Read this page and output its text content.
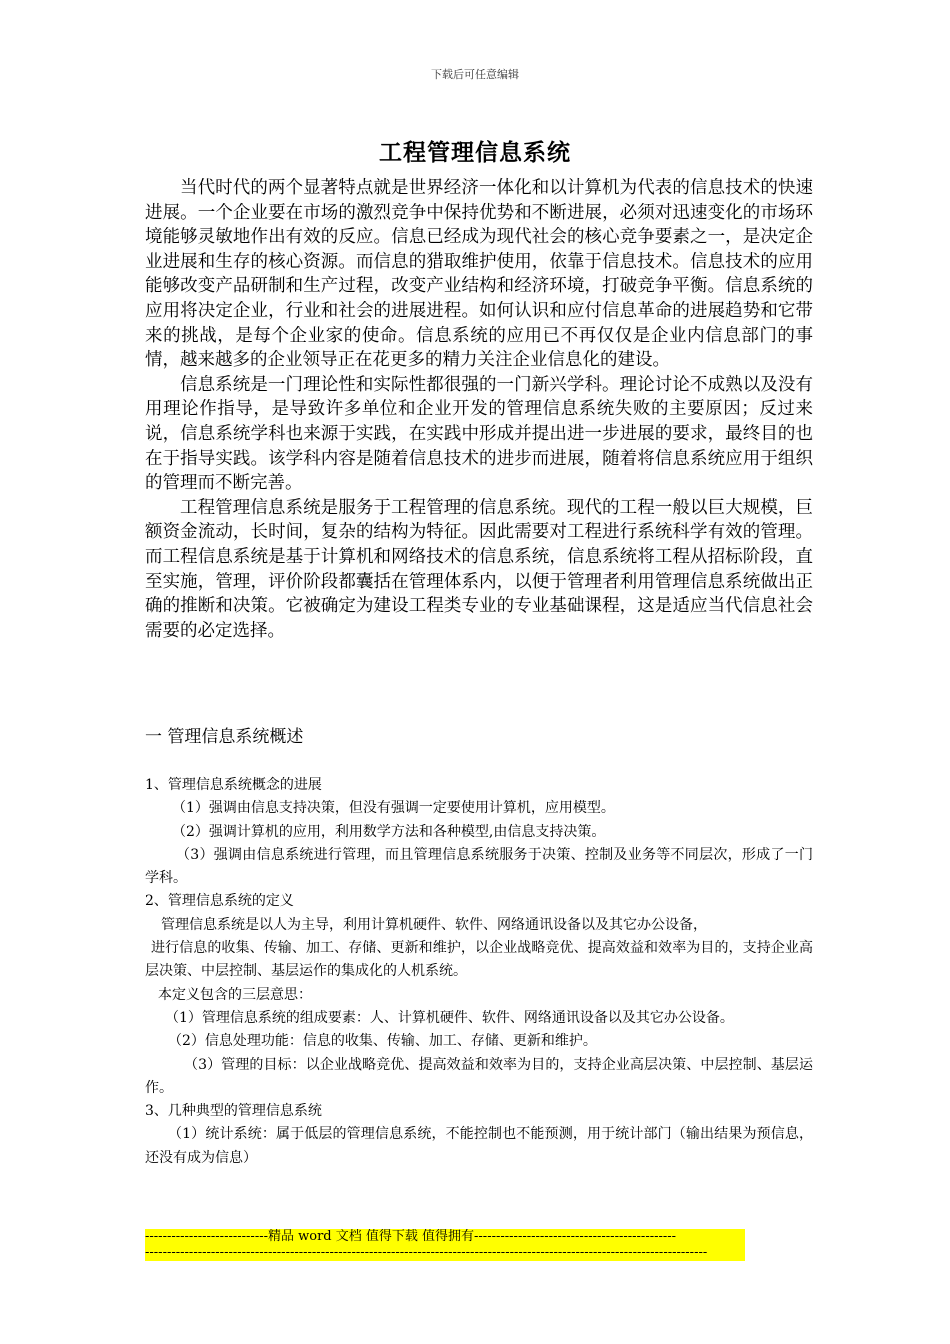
下载后可任意编辑
工程管理信息系统

当代时代的两个显著特点就是世界经济一体化和以计算机为代表的信息技术的快速进展。一个企业要在市场的激烈竞争中保持优势和不断进展，必须对迅速变化的市场环境能够灵敏地作出有效的反应。信息已经成为现代社会的核心竞争要素之一，是决定企业进展和生存的核心资源。而信息的猎取维护使用，依靠于信息技术。信息技术的应用能够改变产品研制和生产过程，改变产业结构和经济环境，打破竞争平衡。信息系统的应用将决定企业，行业和社会的进展进程。如何认识和应付信息革命的进展趋势和它带来的挑战，是每个企业家的使命。信息系统的应用已不再仅仅是企业内信息部门的事情，越来越多的企业领导正在花更多的精力关注企业信息化的建设。

信息系统是一门理论性和实际性都很强的一门新兴学科。理论讨论不成熟以及没有用理论作指导，是导致许多单位和企业开发的管理信息系统失败的主要原因；反过来说，信息系统学科也来源于实践，在实践中形成并提出进一步进展的要求，最终目的也在于指导实践。该学科内容是随着信息技术的进步而进展，随着将信息系统应用于组织的管理而不断完善。

工程管理信息系统是服务于工程管理的信息系统。现代的工程一般以巨大规模，巨额资金流动，长时间，复杂的结构为特征。因此需要对工程进行系统科学有效的管理。而工程信息系统是基于计算机和网络技术的信息系统，信息系统将工程从招标阶段，直至实施，管理，评价阶段都囊括在管理体系内，以便于管理者利用管理信息系统做出正确的推断和决策。它被确定为建设工程类专业的专业基础课程，这是适应当代信息社会需要的必定选择。

一 管理信息系统概述

1、管理信息系统概念的进展

（1）强调由信息支持决策，但没有强调一定要使用计算机，应用模型。

（2）强调计算机的应用，利用数学方法和各种模型,由信息支持决策。

（3）强调由信息系统进行管理，而且管理信息系统服务于决策、控制及业务等不同层次，形成了一门学科。

2、管理信息系统的定义

管理信息系统是以人为主导，利用计算机硬件、软件、网络通讯设备以及其它办公设备，

进行信息的收集、传输、加工、存储、更新和维护，以企业战略竞优、提高效益和效率为目的，支持企业高层决策、中层控制、基层运作的集成化的人机系统。

本定义包含的三层意思：

（1）管理信息系统的组成要素：人、计算机硬件、软件、网络通讯设备以及其它办公设备。

（2）信息处理功能：信息的收集、传输、加工、存储、更新和维护。

（3）管理的目标：以企业战略竞优、提高效益和效率为目的，支持企业高层决策、中层控制、基层运作。

3、几种典型的管理信息系统

（1）统计系统：属于低层的管理信息系统，不能控制也不能预测，用于统计部门（输出结果为预信息，还没有成为信息）

----------------------------精品 word 文档 值得下载 值得拥有----------------------------------------------
--------------------------------------------------------------------------------------------------------------------------------
